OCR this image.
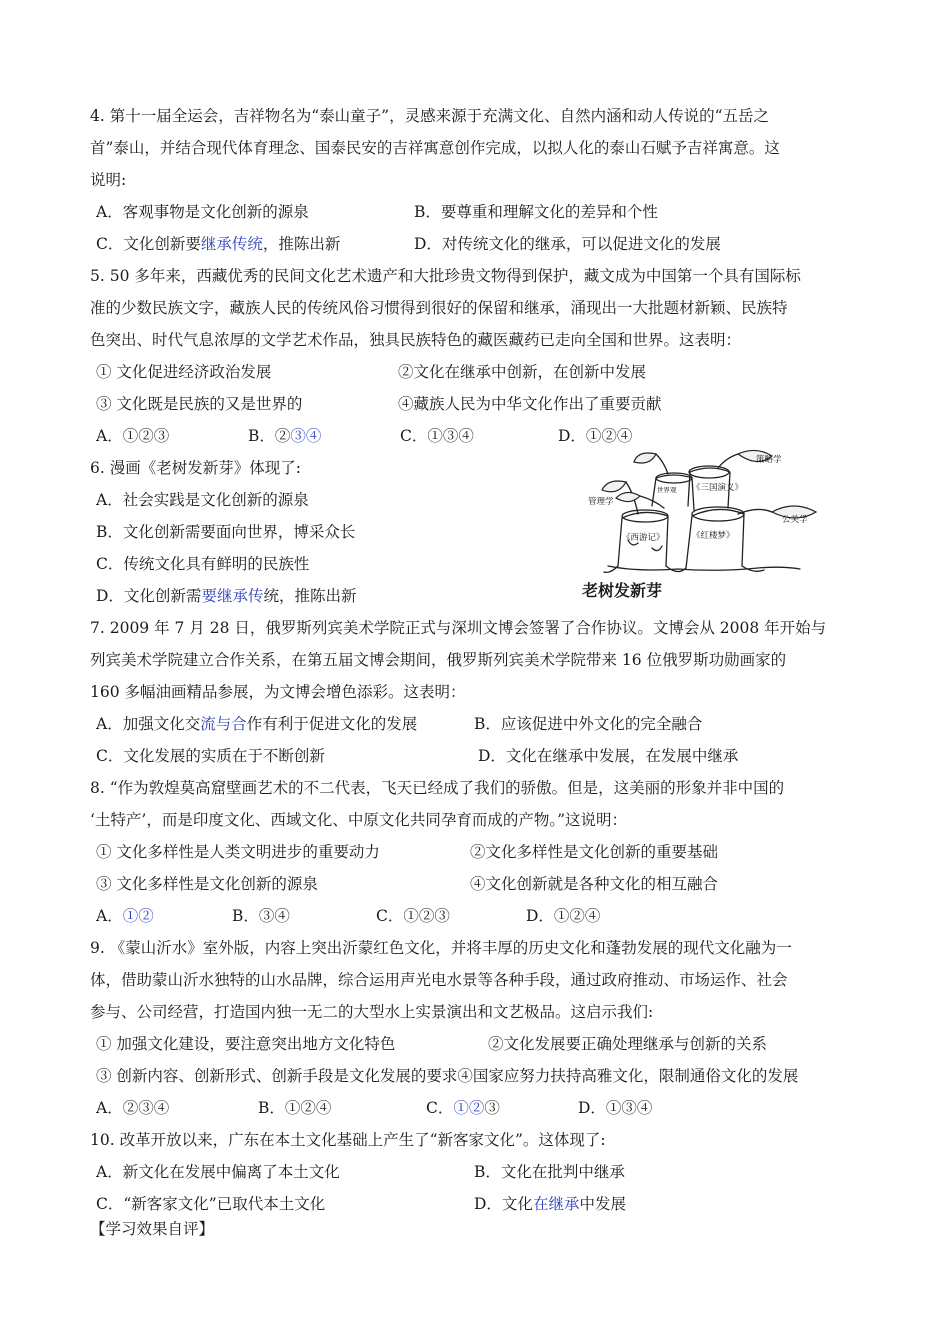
4. 第十一届全运会，吉祥物名为“泰山童子”，灵感来源于充满文化、自然内涵和动人传说的“五岳之
首”泰山，并结合现代体育理念、国泰民安的吉祥寓意创作完成，以拟人化的泰山石赋予吉祥寓意。这
说明:
A．客观事物是文化创新的源泉	B．要尊重和理解文化的差异和个性
C．文化创新要继承传统，推陈出新	D．对传统文化的继承，可以促进文化的发展
5. 50 多年来，西藏优秀的民间文化艺术遗产和大批珍贵文物得到保护，藏文成为中国第一个具有国际标
准的少数民族文字，藏族人民的传统风俗习惯得到很好的保留和继承，涌现出一大批题材新颖、民族特
色突出、时代气息浓厚的文学艺术作品，独具民族特色的藏医藏药已走向全国和世界。这表明：
① 文化促进经济政治发展	②文化在继承中创新，在创新中发展
③ 文化既是民族的又是世界的	④藏族人民为中华文化作出了重要贡献
A．①②③	B．②③④	C．①③④	D．①②④
6. 漫画《老树发新芽》体现了:
A．社会实践是文化创新的源泉
B．文化创新需要面向世界，博采众长
C．传统文化具有鲜明的民族性
D．文化创新需要继承传统，推陈出新
策略学
管理学
《三国演义》
世界观
公关学
《西游记》	《红楼梦》
老树发新芽
7. 2009 年 7 月 28 日，俄罗斯列宾美术学院正式与深圳文博会签署了合作协议。文博会从 2008 年开始与
列宾美术学院建立合作关系，在第五届文博会期间，俄罗斯列宾美术学院带来 16 位俄罗斯功勋画家的
160 多幅油画精品参展，为文博会增色添彩。这表明：
A．加强文化交流与合作有利于促进文化的发展	B．应该促进中外文化的完全融合
C．文化发展的实质在于不断创新	D．文化在继承中发展，在发展中继承
8. “作为敦煌莫高窟壁画艺术的不二代表，飞天已经成了我们的骄傲。但是，这美丽的形象并非中国的
‘土特产’，而是印度文化、西域文化、中原文化共同孕育而成的产物。”这说明：
① 文化多样性是人类文明进步的重要动力	②文化多样性是文化创新的重要基础
③ 文化多样性是文化创新的源泉	④文化创新就是各种文化的相互融合
A．①②	B．③④	C．①②③	D．①②④
9. 《蒙山沂水》室外版，内容上突出沂蒙红色文化，并将丰厚的历史文化和蓬勃发展的现代文化融为一
体，借助蒙山沂水独特的山水品牌，综合运用声光电水景等各种手段，通过政府推动、市场运作、社会
参与、公司经营，打造国内独一无二的大型水上实景演出和文艺极品。这启示我们:
① 加强文化建设，要注意突出地方文化特色	②文化发展要正确处理继承与创新的关系
③ 创新内容、创新形式、创新手段是文化发展的要求④国家应努力扶持高雅文化，限制通俗文化的发展
A．②③④	B．①②④	C．①②③	D．①③④
10. 改革开放以来，广东在本土文化基础上产生了“新客家文化”。这体现了:
A．新文化在发展中偏离了本土文化	B．文化在批判中继承
C．“新客家文化”已取代本土文化	D．文化在继承中发展
【学习效果自评】
